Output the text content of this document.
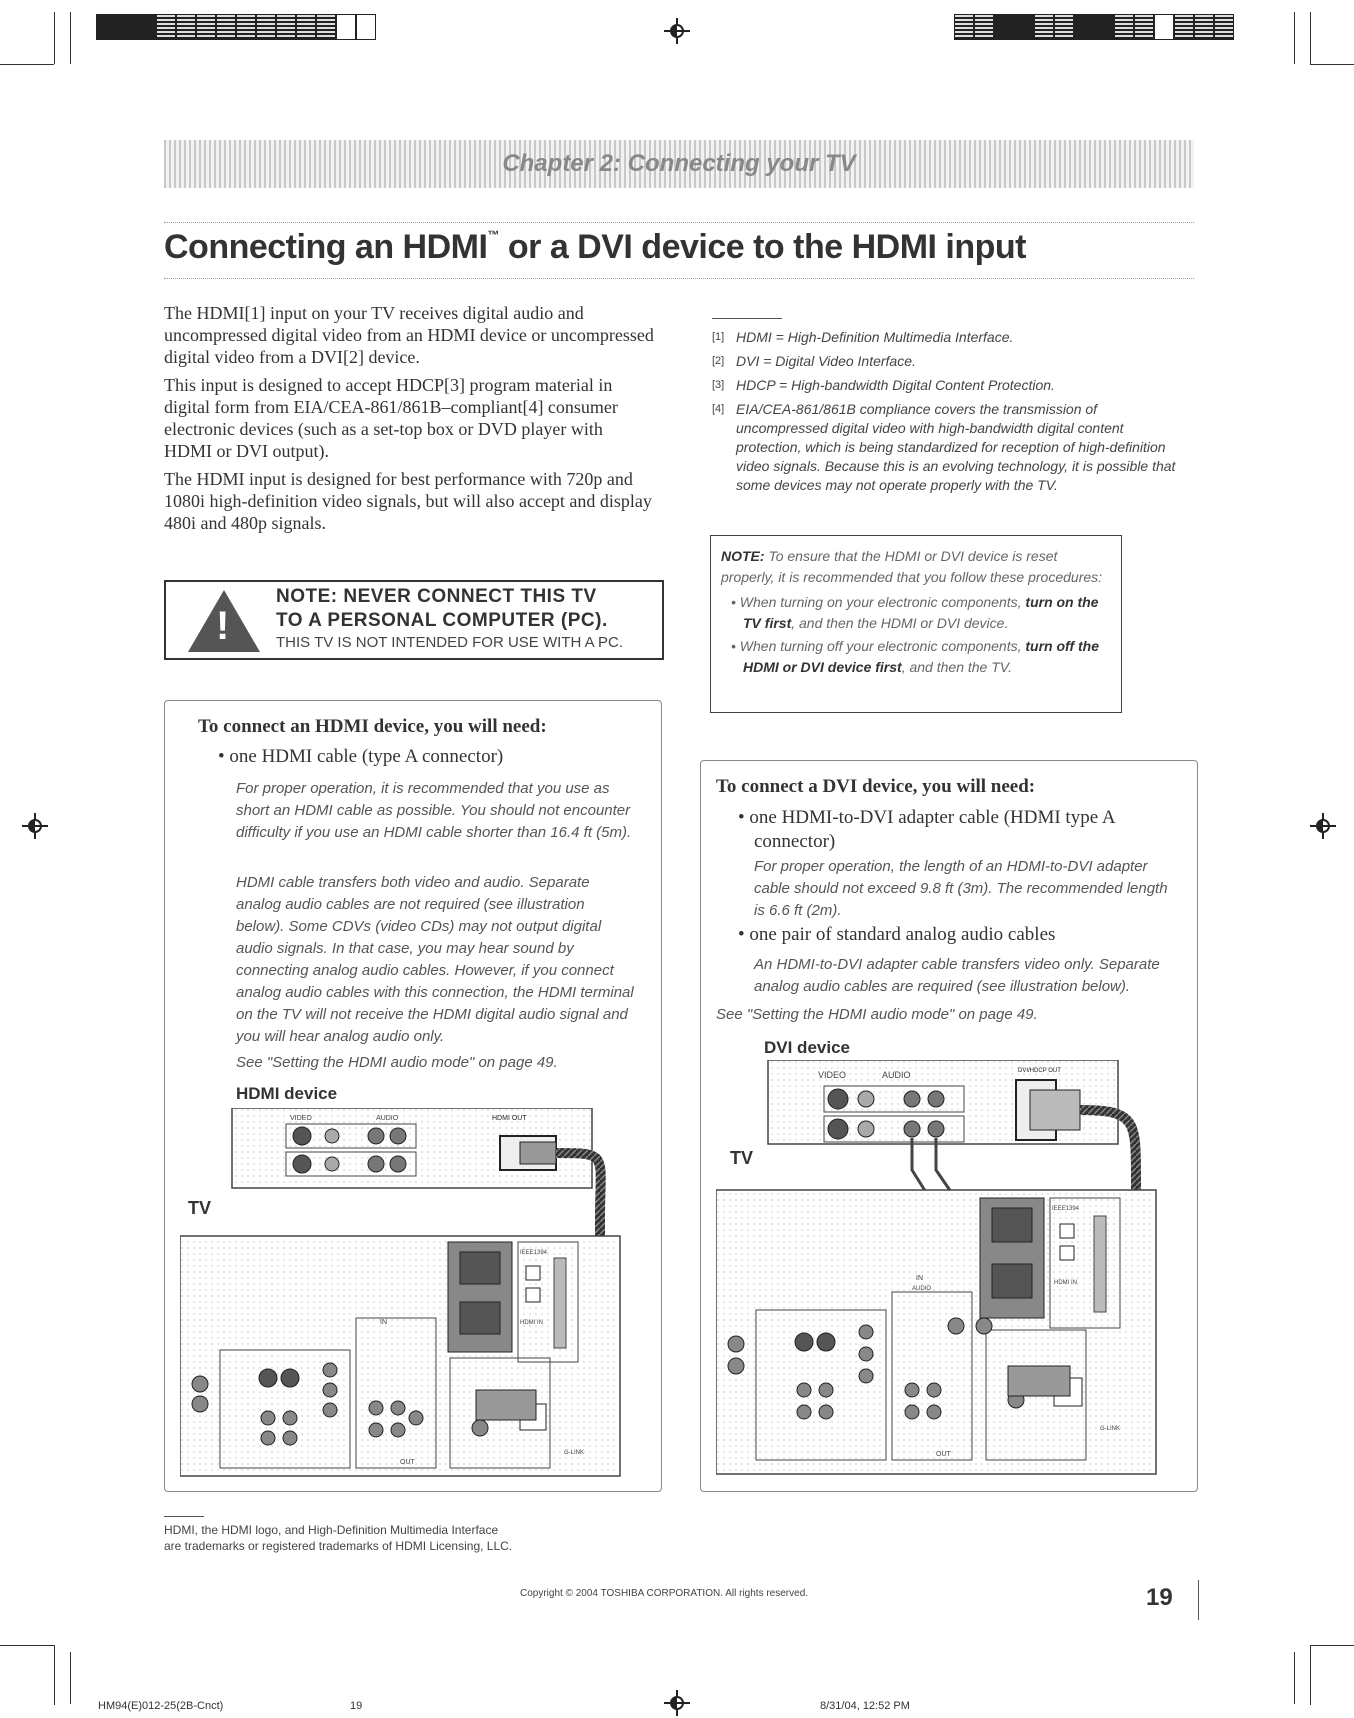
Chapter 2: Connecting your TV
Connecting an HDMI™ or a DVI device to the HDMI input

The HDMI[1] input on your TV receives digital audio and uncompressed digital video from an HDMI device or uncompressed digital video from a DVI[2] device.

This input is designed to accept HDCP[3] program material in digital form from EIA/CEA-861/861B–compliant[4] consumer electronic devices (such as a set-top box or DVD player with HDMI or DVI output).

The HDMI input is designed for best performance with 720p and 1080i high-definition video signals, but will also accept and display 480i and 480p signals.

[1] HDMI = High-Definition Multimedia Interface.
[2] DVI = Digital Video Interface.
[3] HDCP = High-bandwidth Digital Content Protection.
[4] EIA/CEA-861/861B compliance covers the transmission of uncompressed digital video with high-bandwidth digital content protection, which is being standardized for reception of high-definition video signals. Because this is an evolving technology, it is possible that some devices may not operate properly with the TV.
!
NOTE: NEVER CONNECT THIS TV
TO A PERSONAL COMPUTER (PC).
THIS TV IS NOT INTENDED FOR USE WITH A PC.
NOTE: To ensure that the HDMI or DVI device is reset properly, it is recommended that you follow these procedures:
• When turning on your electronic components, turn on the TV first, and then the HDMI or DVI device.
• When turning off your electronic components, turn off the HDMI or DVI device first, and then the TV.
To connect an HDMI device, you will need:
• one HDMI cable (type A connector)
For proper operation, it is recommended that you use as short an HDMI cable as possible. You should not encounter difficulty if you use an HDMI cable shorter than 16.4 ft (5m).
HDMI cable transfers both video and audio. Separate analog audio cables are not required (see illustration below). Some CDVs (video CDs) may not output digital audio signals. In that case, you may hear sound by connecting analog audio cables. However, if you connect analog audio cables with this connection, the HDMI terminal on the TV will not receive the HDMI digital audio signal and you will hear analog audio only.
See "Setting the HDMI audio mode" on page 49.
HDMI device
TV
VIDEO	AUDIO	HDMI OUT
IEEE1394
HDMI IN
IN
G-LINK
OUT
To connect a DVI device, you will need:
• one HDMI-to-DVI adapter cable (HDMI type A connector)
For proper operation, the length of an HDMI-to-DVI adapter cable should not exceed 9.8 ft (3m). The recommended length is 6.6 ft (2m).
• one pair of standard analog audio cables
An HDMI-to-DVI adapter cable transfers video only. Separate analog audio cables are required (see illustration below).
See "Setting the HDMI audio mode" on page 49.
DVI device
TV
VIDEO	AUDIO	DVI/HDCP OUT
IEEE1394
HDMI IN
IN
AUDIO
G-LINK
OUT
HDMI, the HDMI logo, and High-Definition Multimedia Interface
are trademarks or registered trademarks of HDMI Licensing, LLC.
Copyright © 2004 TOSHIBA CORPORATION. All rights reserved.	19
HM94(E)012-25(2B-Cnct)	19	8/31/04, 12:52 PM
